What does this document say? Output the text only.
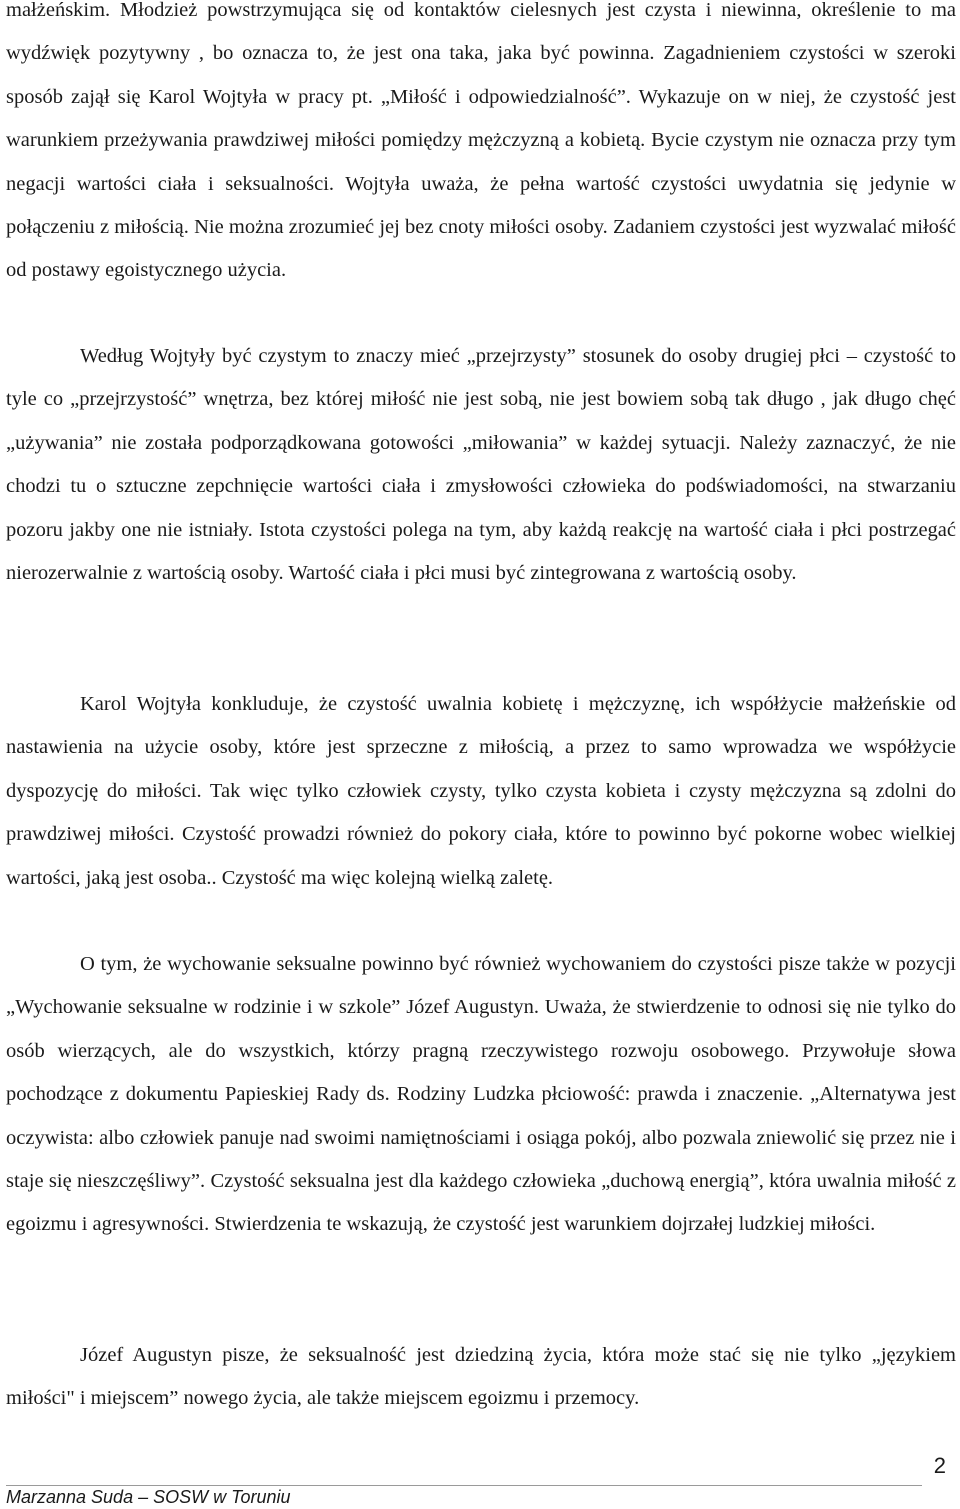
małżeńskim. Młodzież powstrzymująca się od kontaktów cielesnych jest czysta i niewinna, określenie to ma wydźwięk pozytywny , bo oznacza to, że jest ona taka, jaka być powinna. Zagadnieniem czystości w szeroki sposób zajął się Karol Wojtyła w pracy pt. „Miłość i odpowiedzialność”. Wykazuje on w niej, że czystość jest warunkiem przeżywania prawdziwej miłości pomiędzy mężczyzną a kobietą. Bycie czystym nie oznacza przy tym negacji wartości ciała i seksualności. Wojtyła uważa, że pełna wartość czystości uwydatnia się jedynie w połączeniu z miłością. Nie można zrozumieć jej bez cnoty miłości osoby. Zadaniem czystości jest wyzwalać miłość od postawy egoistycznego użycia.

Według Wojtyły być czystym to znaczy mieć „przejrzysty” stosunek do osoby drugiej płci – czystość to tyle co „przejrzystość” wnętrza, bez której miłość nie jest sobą, nie jest bowiem sobą tak długo , jak długo chęć „używania” nie została podporządkowana gotowości „miłowania” w każdej sytuacji. Należy zaznaczyć, że nie chodzi tu o sztuczne zepchnięcie wartości ciała i zmysłowości człowieka do podświadomości, na stwarzaniu pozoru jakby one nie istniały. Istota czystości polega na tym, aby każdą reakcję na wartość ciała i płci postrzegać nierozerwalnie z wartością osoby. Wartość ciała i płci musi być zintegrowana z wartością osoby.

Karol Wojtyła konkluduje, że czystość uwalnia kobietę i mężczyznę, ich współżycie małżeńskie od nastawienia na użycie osoby, które jest sprzeczne z miłością, a przez to samo wprowadza we współżycie dyspozycję do miłości. Tak więc tylko człowiek czysty, tylko czysta kobieta i czysty mężczyzna są zdolni do prawdziwej miłości. Czystość prowadzi również do pokory ciała, które to powinno być pokorne wobec wielkiej wartości, jaką jest osoba.. Czystość ma więc kolejną wielką zaletę.

O tym, że wychowanie seksualne powinno być również wychowaniem do czystości pisze także w pozycji „Wychowanie seksualne w rodzinie i w szkole” Józef Augustyn. Uważa, że stwierdzenie to odnosi się nie tylko do osób wierzących, ale do wszystkich, którzy pragną rzeczywistego rozwoju osobowego. Przywołuje słowa pochodzące z dokumentu Papieskiej Rady ds. Rodziny Ludzka płciowość: prawda i znaczenie. „Alternatywa jest oczywista: albo człowiek panuje nad swoimi namiętnościami i osiąga pokój, albo pozwala zniewolić się przez nie i staje się nieszczęśliwy”. Czystość seksualna jest dla każdego człowieka „duchową energią”, która uwalnia miłość z egoizmu i agresywności. Stwierdzenia te wskazują, że czystość jest warunkiem dojrzałej ludzkiej miłości.

Józef Augustyn pisze, że seksualność jest dziedziną życia, która może stać się nie tylko „językiem miłości" i miejscem” nowego życia, ale także miejscem egoizmu i przemocy.

2
Marzanna Suda – SOSW w Toruniu
